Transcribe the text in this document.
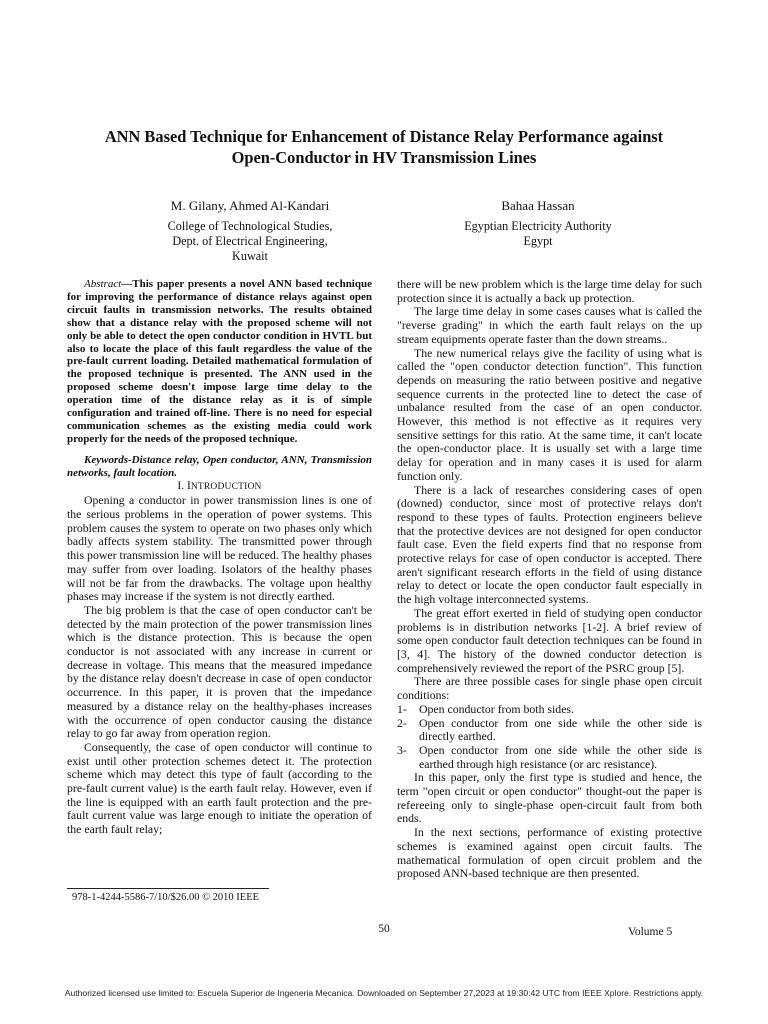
ANN Based Technique for Enhancement of Distance Relay Performance against
Open-Conductor in HV Transmission Lines
M. Gilany, Ahmed Al-Kandari
College of Technological Studies,
Dept. of Electrical Engineering,
Kuwait
Bahaa Hassan
Egyptian Electricity Authority
Egypt

Abstract—This paper presents a novel ANN based technique for improving the performance of distance relays against open circuit faults in transmission networks. The results obtained show that a distance relay with the proposed scheme will not only be able to detect the open conductor condition in HVTL but also to locate the place of this fault regardless the value of the pre-fault current loading. Detailed mathematical formulation of the proposed technique is presented. The ANN used in the proposed scheme doesn't impose large time delay to the operation time of the distance relay as it is of simple configuration and trained off-line. There is no need for especial communication schemes as the existing media could work properly for the needs of the proposed technique.

Keywords-Distance relay, Open conductor, ANN, Transmission networks, fault location.

I. INTRODUCTION

Opening a conductor in power transmission lines is one of the serious problems in the operation of power systems. This problem causes the system to operate on two phases only which badly affects system stability. The transmitted power through this power transmission line will be reduced. The healthy phases may suffer from over loading. Isolators of the healthy phases will not be far from the drawbacks. The voltage upon healthy phases may increase if the system is not directly earthed.

The big problem is that the case of open conductor can't be detected by the main protection of the power transmission lines which is the distance protection. This is because the open conductor is not associated with any increase in current or decrease in voltage. This means that the measured impedance by the distance relay doesn't decrease in case of open conductor occurrence. In this paper, it is proven that the impedance measured by a distance relay on the healthy-phases increases with the occurrence of open conductor causing the distance relay to go far away from operation region.

Consequently, the case of open conductor will continue to exist until other protection schemes detect it. The protection scheme which may detect this type of fault (according to the pre-fault current value) is the earth fault relay. However, even if the line is equipped with an earth fault protection and the pre-fault current value was large enough to initiate the operation of the earth fault relay;

there will be new problem which is the large time delay for such protection since it is actually a back up protection.

The large time delay in some cases causes what is called the "reverse grading" in which the earth fault relays on the up stream equipments operate faster than the down streams..

The new numerical relays give the facility of using what is called the "open conductor detection function". This function depends on measuring the ratio between positive and negative sequence currents in the protected line to detect the case of unbalance resulted from the case of an open conductor. However, this method is not effective as it requires very sensitive settings for this ratio. At the same time, it can't locate the open-conductor place. It is usually set with a large time delay for operation and in many cases it is used for alarm function only.

There is a lack of researches considering cases of open (downed) conductor, since most of protective relays don't respond to these types of faults. Protection engineers believe that the protective devices are not designed for open conductor fault case. Even the field experts find that no response from protective relays for case of open conductor is accepted. There aren't significant research efforts in the field of using distance relay to detect or locate the open conductor fault especially in the high voltage interconnected systems.

The great effort exerted in field of studying open conductor problems is in distribution networks [1-2]. A brief review of some open conductor fault detection techniques can be found in [3, 4]. The history of the downed conductor detection is comprehensively reviewed the report of the PSRC group [5].

There are three possible cases for single phase open circuit conditions:

1- Open conductor from both sides.
2- Open conductor from one side while the other side is directly earthed.
3- Open conductor from one side while the other side is earthed through high resistance (or arc resistance).

In this paper, only the first type is studied and hence, the term "open circuit or open conductor" thought-out the paper is refereeing only to single-phase open-circuit fault from both ends.

In the next sections, performance of existing protective schemes is examined against open circuit faults. The mathematical formulation of open circuit problem and the proposed ANN-based technique are then presented.

978-1-4244-5586-7/10/$26.00 © 2010 IEEE
50	Volume 5
Authorized licensed use limited to: Escuela Superior de Ingeneria Mecanica. Downloaded on September 27,2023 at 19:30:42 UTC from IEEE Xplore. Restrictions apply.
